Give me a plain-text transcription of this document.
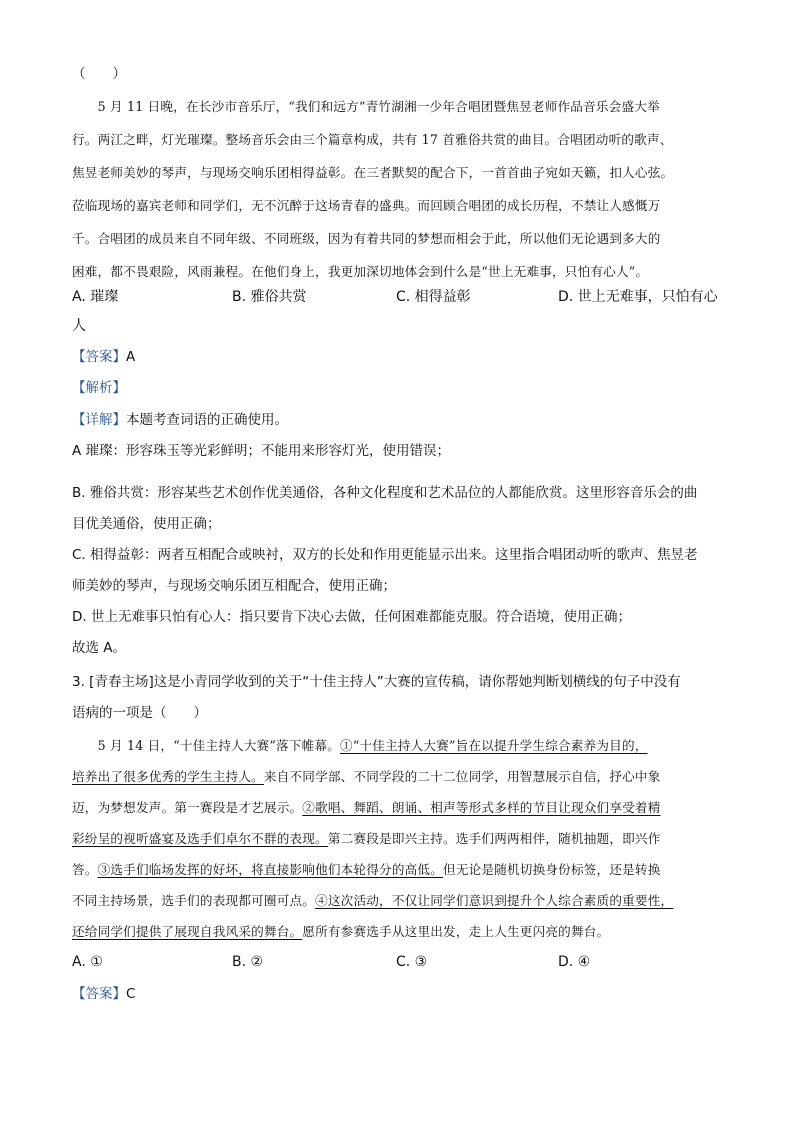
（　　）
　　5 月 11 日晚，在长沙市音乐厅，“我们和远方”青竹湖湘一少年合唱团暨焦昱老师作品音乐会盛大举
行。两江之畔，灯光璀璨。整场音乐会由三个篇章构成，共有 17 首雅俗共赏的曲目。合唱团动听的歌声、
焦昱老师美妙的琴声，与现场交响乐团相得益彰。在三者默契的配合下，一首首曲子宛如天籁，扣人心弦。
莅临现场的嘉宾老师和同学们，无不沉醉于这场青春的盛典。而回顾合唱团的成长历程，不禁让人感慨万
千。合唱团的成员来自不同年级、不同班级，因为有着共同的梦想而相会于此，所以他们无论遇到多大的
困难，都不畏艰险，风雨兼程。在他们身上，我更加深切地体会到什么是“世上无难事，只怕有心人”。
A. 璀璨	B. 雅俗共赏	C. 相得益彰	D. 世上无难事，只怕有心
人
【答案】A
【解析】
【详解】本题考查词语的正确使用。
A 璀璨：形容珠玉等光彩鲜明；不能用来形容灯光，使用错误；
B. 雅俗共赏：形容某些艺术创作优美通俗，各种文化程度和艺术品位的人都能欣赏。这里形容音乐会的曲
目优美通俗，使用正确；
C. 相得益彰：两者互相配合或映衬，双方的长处和作用更能显示出来。这里指合唱团动听的歌声、焦昱老
师美妙的琴声，与现场交响乐团互相配合，使用正确；
D. 世上无难事只怕有心人：指只要肯下决心去做，任何困难都能克服。符合语境，使用正确；
故选 A。
3. [青春主场]这是小青同学收到的关于“十佳主持人”大赛的宣传稿，请你帮她判断划横线的句子中没有
语病的一项是（　　）
　　5 月 14 日，“十佳主持人大赛”落下帷幕。①“十佳主持人大赛”旨在以提升学生综合素养为目的，
培养出了很多优秀的学生主持人。来自不同学部、不同学段的二十二位同学，用智慧展示自信，抒心中象
迈，为梦想发声。第一赛段是才艺展示。②歌唱、舞蹈、朗诵、相声等形式多样的节目让现众们享受着精
彩纷呈的视听盛宴及选手们卓尔不群的表现。第二赛段是即兴主持。选手们两两相伴，随机抽题，即兴作
答。③选手们临场发挥的好坏，将直接影响他们本轮得分的高低。但无论是随机切换身份标签，还是转换
不同主持场景，选手们的表现都可圈可点。④这次活动，不仅让同学们意识到提升个人综合素质的重要性，
还给同学们提供了展现自我风采的舞台。愿所有参赛选手从这里出发，走上人生更闪亮的舞台。
A. ①	B. ②	C. ③	D. ④
【答案】C
